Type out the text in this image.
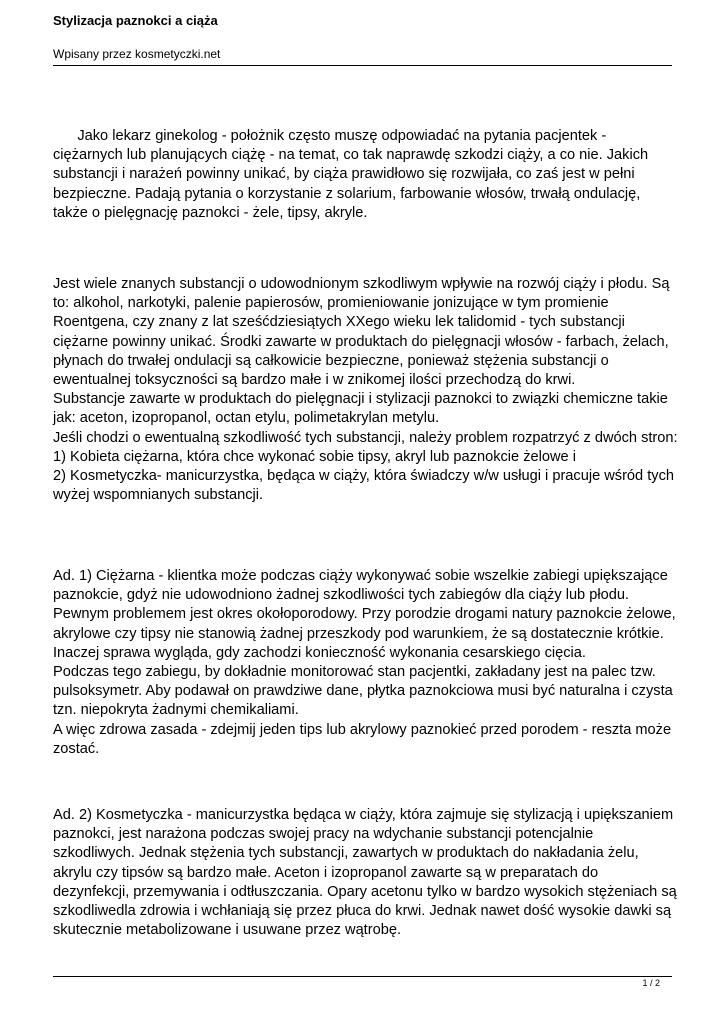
Stylizacja paznokci a ciąża
Wpisany przez kosmetyczki.net

Jako lekarz ginekolog - położnik często muszę odpowiadać na pytania pacjentek - ciężarnych lub planujących ciążę - na temat, co tak naprawdę szkodzi ciąży, a co nie. Jakich substancji i narażeń powinny unikać, by ciąża prawidłowo się rozwijała, co zaś jest w pełni bezpieczne. Padają pytania o korzystanie z solarium, farbowanie włosów, trwałą ondulację, także o pielęgnację paznokci - żele, tipsy, akryle.

Jest wiele znanych substancji o udowodnionym szkodliwym wpływie na rozwój ciąży i płodu. Są to: alkohol, narkotyki, palenie papierosów, promieniowanie jonizujące w tym promienie Roentgena, czy znany z lat sześćdziesiątych XXego wieku lek talidomid - tych substancji ciężarne powinny unikać. Środki zawarte w produktach do pielęgnacji włosów - farbach, żelach, płynach do trwałej ondulacji są całkowicie bezpieczne, ponieważ stężenia substancji o ewentualnej toksyczności są bardzo małe i w znikomej ilości przechodzą do krwi.

Substancje zawarte w produktach do pielęgnacji i stylizacji paznokci to związki chemiczne takie jak: aceton, izopropanol, octan etylu, polimetakrylan metylu.

Jeśli chodzi o ewentualną szkodliwość tych substancji, należy problem rozpatrzyć z dwóch stron:

1) Kobieta ciężarna, która chce wykonać sobie tipsy, akryl lub paznokcie żelowe i

2) Kosmetyczka- manicurzystka, będąca w ciąży, która świadczy w/w usługi i pracuje wśród tych wyżej wspomnianych substancji.

Ad. 1) Ciężarna - klientka może podczas ciąży wykonywać sobie wszelkie zabiegi upiększające paznokcie, gdyż nie udowodniono żadnej szkodliwości tych zabiegów dla ciąży lub płodu.

Pewnym problemem jest okres okołoporodowy. Przy porodzie drogami natury paznokcie żelowe, akrylowe czy tipsy nie stanowią żadnej przeszkody pod warunkiem, że są dostatecznie krótkie. Inaczej sprawa wygląda, gdy zachodzi konieczność wykonania cesarskiego cięcia.

Podczas tego zabiegu, by dokładnie monitorować stan pacjentki, zakładany jest na palec tzw. pulsoksymetr. Aby podawał on prawdziwe dane, płytka paznokciowa musi być naturalna i czysta tzn. niepokryta żadnymi chemikaliami.

A więc zdrowa zasada - zdejmij jeden tips lub akrylowy paznokieć przed porodem - reszta może zostać.

Ad. 2) Kosmetyczka - manicurzystka będąca w ciąży, która zajmuje się stylizacją i upiększaniem paznokci, jest narażona podczas swojej pracy na wdychanie substancji potencjalnie szkodliwych. Jednak stężenia tych substancji, zawartych w produktach do nakładania żelu, akrylu czy tipsów są bardzo małe. Aceton i izopropanol zawarte są w preparatach do dezynfekcji, przemywania i odtłuszczania. Opary acetonu tylko w bardzo wysokich stężeniach są szkodliwedla zdrowia i wchłaniają się przez płuca do krwi. Jednak nawet dość wysokie dawki są skutecznie metabolizowane i usuwane przez wątrobę.

1 / 2
